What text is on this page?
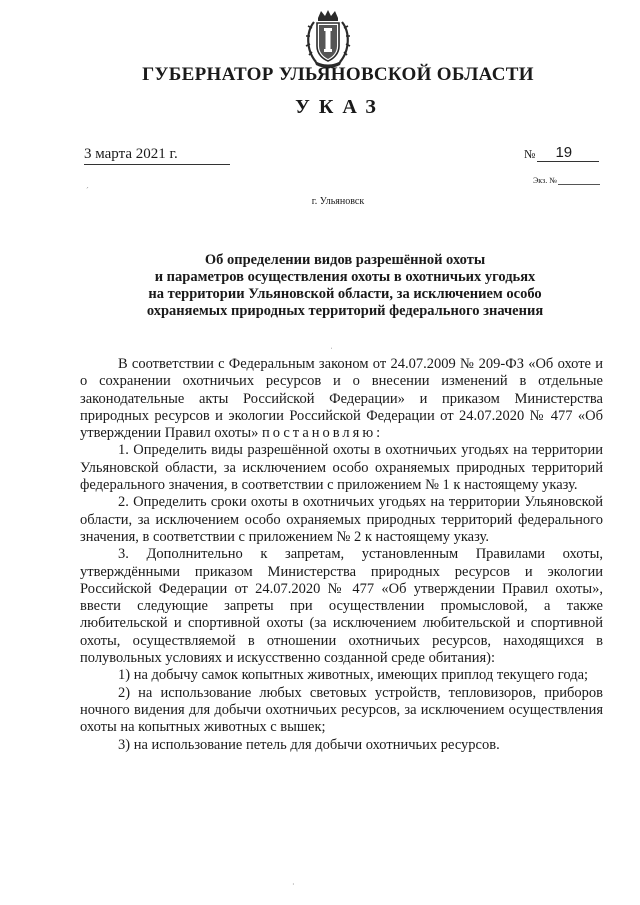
ГУБЕРНАТОР УЛЬЯНОВСКОЙ ОБЛАСТИ
УКАЗ
3 марта 2021 г.	№	19
Экз. №
г. Ульяновск
Об определении видов разрешённой охоты
и параметров осуществления охоты в охотничьих угодьях
на территории Ульяновской области, за исключением особо
охраняемых природных территорий федерального значения

В соответствии с Федеральным законом от 24.07.2009 № 209-ФЗ «Об охоте и о сохранении охотничьих ресурсов и о внесении изменений в отдельные законодательные акты Российской Федерации» и приказом Министерства природных ресурсов и экологии Российской Федерации от 24.07.2020 № 477 «Об утверждении Правил охоты» постановляю:

1. Определить виды разрешённой охоты в охотничьих угодьях на территории Ульяновской области, за исключением особо охраняемых природных территорий федерального значения, в соответствии с приложением № 1 к настоящему указу.

2. Определить сроки охоты в охотничьих угодьях на территории Ульяновской области, за исключением особо охраняемых природных территорий федерального значения, в соответствии с приложением № 2 к настоящему указу.

3. Дополнительно к запретам, установленным Правилами охоты, утверждёнными приказом Министерства природных ресурсов и экологии Российской Федерации от 24.07.2020 № 477 «Об утверждении Правил охоты», ввести следующие запреты при осуществлении промысловой, а также любительской и спортивной охоты (за исключением любительской и спортивной охоты, осуществляемой в отношении охотничьих ресурсов, находящихся в полувольных условиях и искусственно созданной среде обитания):

1) на добычу самок копытных животных, имеющих приплод текущего года;

2) на использование любых световых устройств, тепловизоров, приборов ночного видения для добычи охотничьих ресурсов, за исключением осуществления охоты на копытных животных с вышек;

3) на использование петель для добычи охотничьих ресурсов.

ˊ
ˌ
·
